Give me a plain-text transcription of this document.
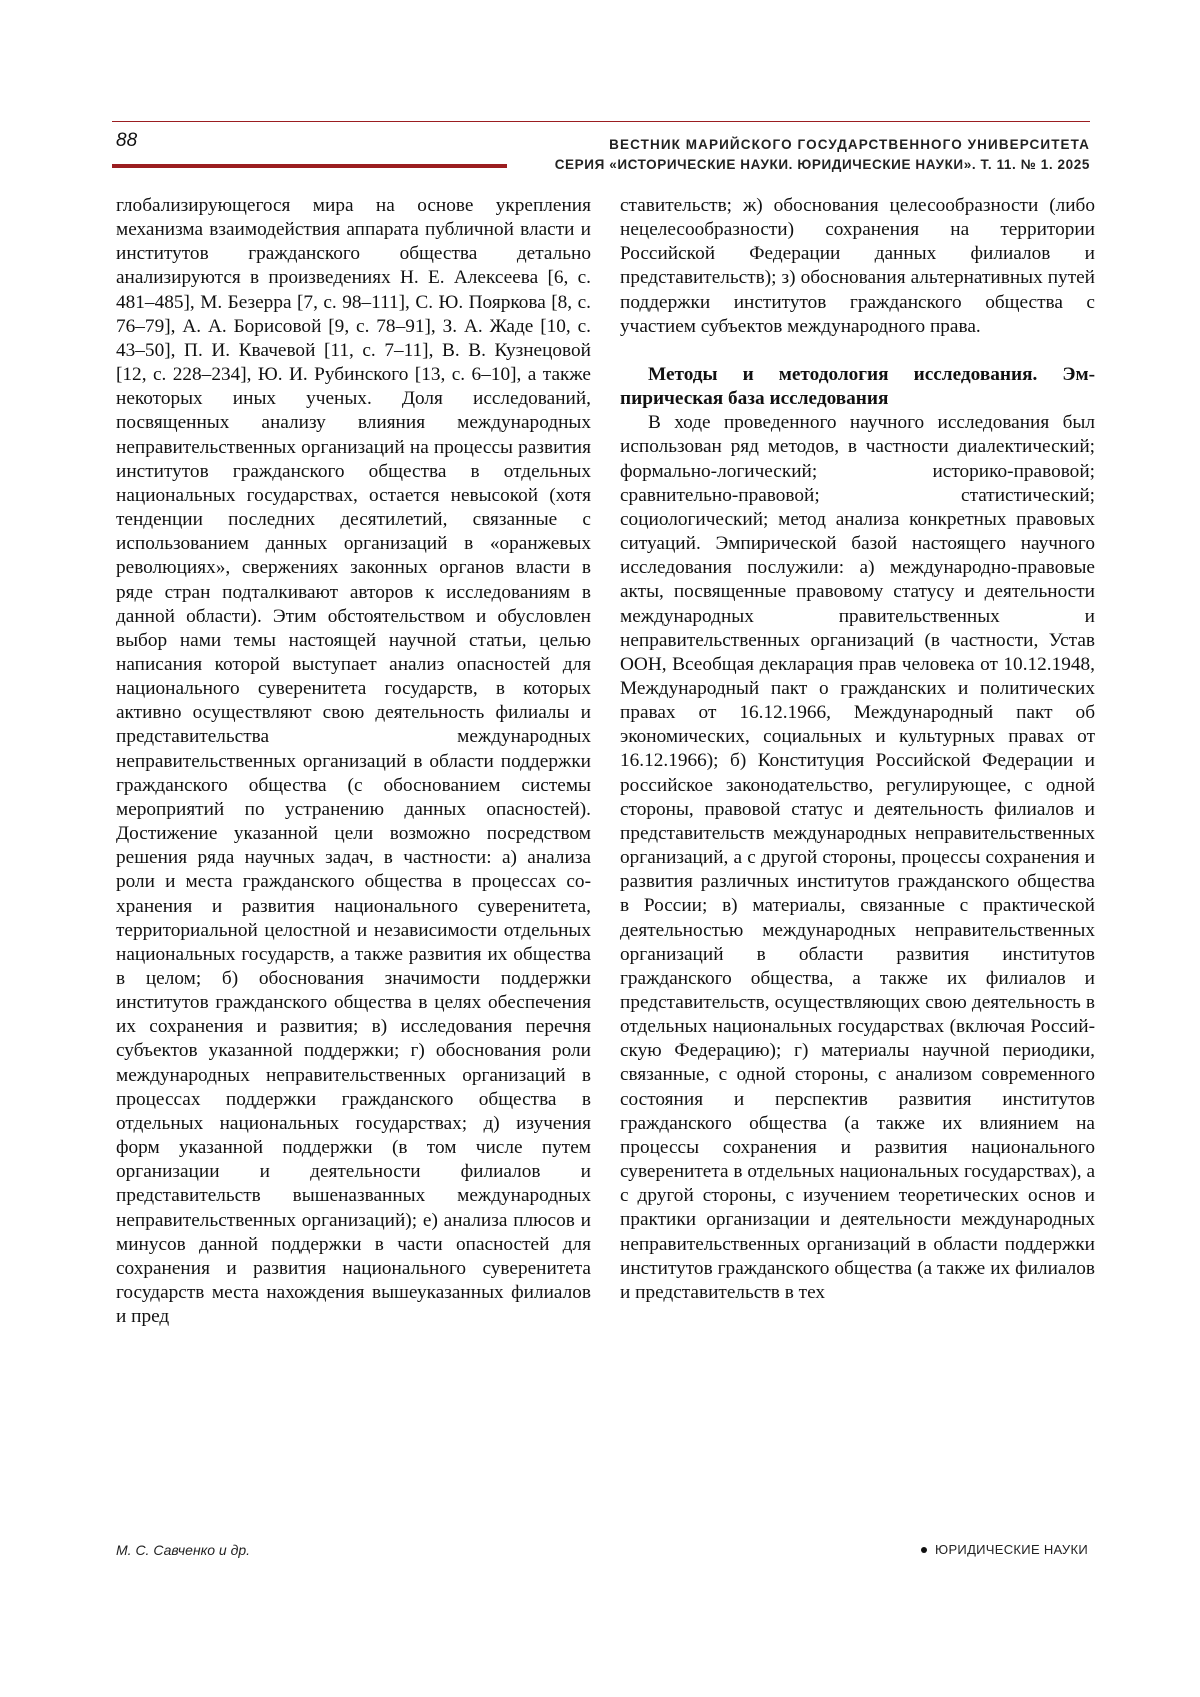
88	ВЕСТНИК МАРИЙСКОГО ГОСУДАРСТВЕННОГО УНИВЕРСИТЕТА
СЕРИЯ «ИСТОРИЧЕСКИЕ НАУКИ. ЮРИДИЧЕСКИЕ НАУКИ». Т. 11. № 1. 2025

глобализирующегося мира на основе укрепления механизма взаимодействия аппарата публичной власти и институтов гражданского общества детально анализируются в произведениях Н. Е. Алексеева [6, с. 481–485], М. Безерра [7, с. 98–111], С. Ю. Пояркова [8, с. 76–79], А. А. Борисовой [9, с. 78–91], З. А. Жаде [10, с. 43–50], П. И. Квачевой [11, с. 7–11], В. В. Кузнецовой [12, с. 228–234], Ю. И. Рубинского [13, с. 6–10], а также некоторых иных ученых. Доля исследований, посвященных анализу влияния международных неправительственных организаций на процессы развития институтов гражданского общества в отдельных национальных государствах, остается невысокой (хотя тенденции последних десятилетий, связанные с использованием данных организаций в «оранжевых революциях», свержениях законных органов власти в ряде стран подталкивают авторов к исследованиям в данной области). Этим обстоятельством и обусловлен выбор нами темы настоящей научной статьи, целью написания которой выступает анализ опасностей для национального суверенитета государств, в которых активно осуществляют свою деятельность филиалы и представительства международных неправительственных организаций в области поддержки гражданского общества (с обоснованием системы мероприятий по устранению данных опасностей). Достижение указанной цели возможно посредством решения ряда научных задач, в частности: а) анализа роли и места гражданского общества в процессах сохранения и развития национального суверенитета, территориальной целостной и независимости отдельных национальных государств, а также развития их общества в целом; б) обоснования значимости поддержки институтов гражданского общества в целях обеспечения их сохранения и развития; в) исследования перечня субъектов указанной поддержки; г) обоснования роли международных неправительственных организаций в процессах поддержки гражданского общества в отдельных национальных государствах; д) изучения форм указанной поддержки (в том числе путем организации и деятельности филиалов и представительств вышеназванных международных неправительственных организаций); е) анализа плюсов и минусов данной поддержки в части опасностей для сохранения и развития национального суверенитета государств места нахождения вышеуказанных филиалов и пред

ставительств; ж) обоснования целесообразности (либо нецелесообразности) сохранения на территории Российской Федерации данных филиалов и представительств); з) обоснования альтернативных путей поддержки институтов гражданского общества с участием субъектов международного права.

Методы и методология исследования. Эмпирическая база исследования

В ходе проведенного научного исследования был использован ряд методов, в частности диалектический; формально-логический; историко-правовой; сравнительно-правовой; статистический; социологический; метод анализа конкретных правовых ситуаций. Эмпирической базой настоящего научного исследования послужили: а) международно-правовые акты, посвященные правовому статусу и деятельности международных правительственных и неправительственных организаций (в частности, Устав ООН, Всеобщая декларация прав человека от 10.12.1948, Международный пакт о гражданских и политических правах от 16.12.1966, Международный пакт об экономических, социальных и культурных правах от 16.12.1966); б) Конституция Российской Федерации и российское законодательство, регулирующее, с одной стороны, правовой статус и деятельность филиалов и представительств международных неправительственных организаций, а с другой стороны, процессы сохранения и развития различных институтов гражданского общества в России; в) материалы, связанные с практической деятельностью международных неправительственных организаций в области развития институтов гражданского общества, а также их филиалов и представительств, осуществляющих свою деятельность в отдельных национальных государствах (включая Российскую Федерацию); г) материалы научной периодики, связанные, с одной стороны, с анализом современного состояния и перспектив развития институтов гражданского общества (а также их влиянием на процессы сохранения и развития национального суверенитета в отдельных национальных государствах), а с другой стороны, с изучением теоретических основ и практики организации и деятельности международных неправительственных организаций в области поддержки институтов гражданского общества (а также их филиалов и представительств в тех

М. С. Савченко и др.	ЮРИДИЧЕСКИЕ НАУКИ
